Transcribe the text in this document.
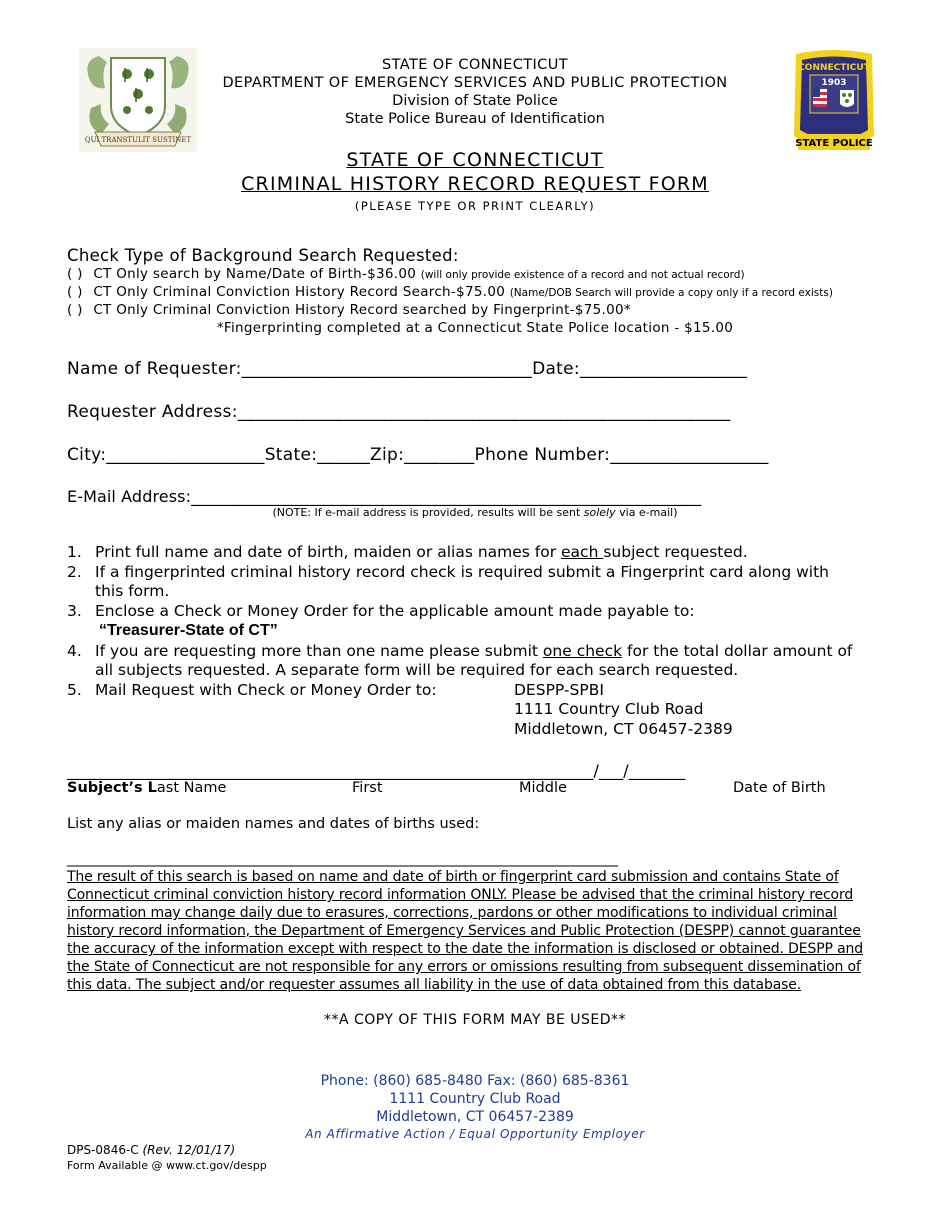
QUI TRANSTULIT SUSTINET
STATE OF CONNECTICUT
DEPARTMENT OF EMERGENCY SERVICES AND PUBLIC PROTECTION
Division of State Police
State Police Bureau of Identification
CONNECTICUT
1903
STATE POLICE
STATE OF CONNECTICUT
CRIMINAL HISTORY RECORD REQUEST FORM
(PLEASE TYPE OR PRINT CLEARLY)
Check Type of Background Search Requested:
( ) CT Only search by Name/Date of Birth-$36.00 (will only provide existence of a record and not actual record)
( ) CT Only Criminal Conviction History Record Search-$75.00 (Name/DOB Search will provide a copy only if a record exists)
( ) CT Only Criminal Conviction History Record searched by Fingerprint-$75.00*
*Fingerprinting completed at a Connecticut State Police location - $15.00
Name of Requester:_________________________________Date:___________________
Requester Address:________________________________________________________
City:__________________State:______Zip:________Phone Number:__________________
E-Mail Address:_______________________________________________________________
(NOTE: If e-mail address is provided, results will be sent solely via e-mail)
1. Print full name and date of birth, maiden or alias names for each subject requested.
2. If a fingerprinted criminal history record check is required submit a Fingerprint card along with
this form.
3. Enclose a Check or Money Order for the applicable amount made payable to:
“Treasurer-State of CT”
4. If you are requesting more than one name please submit one check for the total dollar amount of
all subjects requested. A separate form will be required for each search requested.
5. Mail Request with Check or Money Order to:	DESPP-SPBI
1111 Country Club Road
Middletown, CT 06457-2389
_________________________________________________________________/___/_______
Subject’s Last Name	First	Middle	Date of Birth
List any alias or maiden names and dates of births used:
______________________________________________________________________________________
The result of this search is based on name and date of birth or fingerprint card submission and contains State of Connecticut criminal conviction history record information ONLY. Please be advised that the criminal history record information may change daily due to erasures, corrections, pardons or other modifications to individual criminal history record information, the Department of Emergency Services and Public Protection (DESPP) cannot guarantee the accuracy of the information except with respect to the date the information is disclosed or obtained. DESPP and the State of Connecticut are not responsible for any errors or omissions resulting from subsequent dissemination of this data. The subject and/or requester assumes all liability in the use of data obtained from this database.
**A COPY OF THIS FORM MAY BE USED**
Phone: (860) 685-8480 Fax: (860) 685-8361
1111 Country Club Road
Middletown, CT 06457-2389
An Affirmative Action / Equal Opportunity Employer
DPS-0846-C (Rev. 12/01/17)
Form Available @ www.ct.gov/despp
